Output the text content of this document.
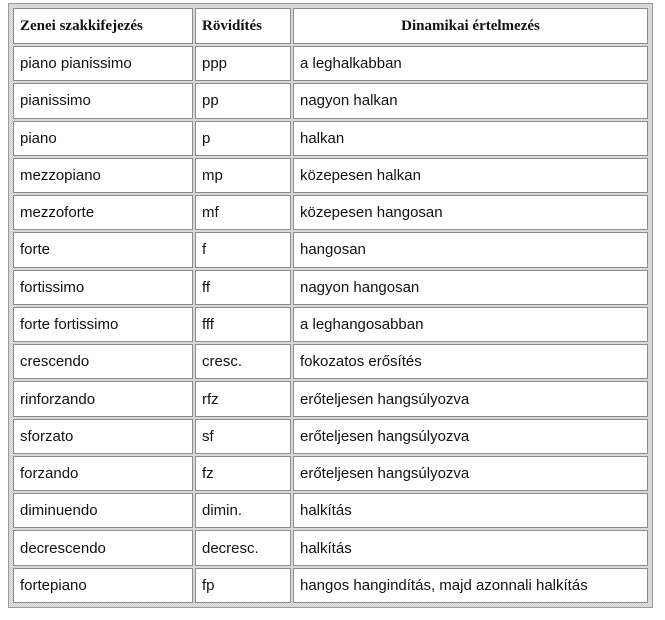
Zenei szakkifejezés	Rövidítés	Dinamikai értelmezés
piano pianissimo	ppp	a leghalkabban
pianissimo	pp	nagyon halkan
piano	p	halkan
mezzopiano	mp	közepesen halkan
mezzoforte	mf	közepesen hangosan
forte	f	hangosan
fortissimo	ff	nagyon hangosan
forte fortissimo	fff	a leghangosabban
crescendo	cresc.	fokozatos erősítés
rinforzando	rfz	erőteljesen hangsúlyozva
sforzato	sf	erőteljesen hangsúlyozva
forzando	fz	erőteljesen hangsúlyozva
diminuendo	dimin.	halkítás
decrescendo	decresc.	halkítás
fortepiano	fp	hangos hangindítás, majd azonnali halkítás
